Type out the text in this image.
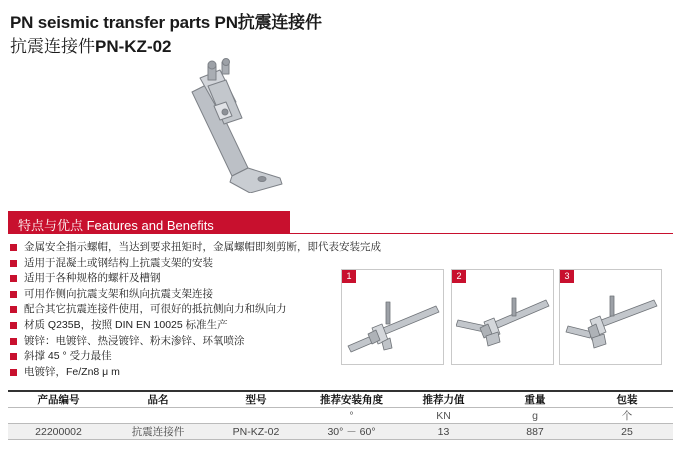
PN seismic transfer parts PN抗震连接件
抗震连接件PN-KZ-02
特点与优点 Features and Benefits
金属安全指示螺帽，当达到要求扭矩时，金属螺帽即刻剪断，即代表安装完成
适用于混凝土或钢结构上抗震支架的安装
适用于各种规格的螺杆及槽钢
可用作侧向抗震支架和纵向抗震支架连接
配合其它抗震连接件使用，可很好的抵抗侧向力和纵向力
材质 Q235B，按照 DIN EN 10025 标准生产
镀锌：电镀锌、热浸镀锌、粉末渗锌、环氧喷涂
斜撑 45 ° 受力最佳
电镀锌，Fe/Zn8 μ m
1	2	3
产品编号	品名	型号	推荐安装角度	推荐力值	重量	包装
			°	KN	g	个
22200002	抗震连接件	PN-KZ-02	30° － 60°	13	887	25
